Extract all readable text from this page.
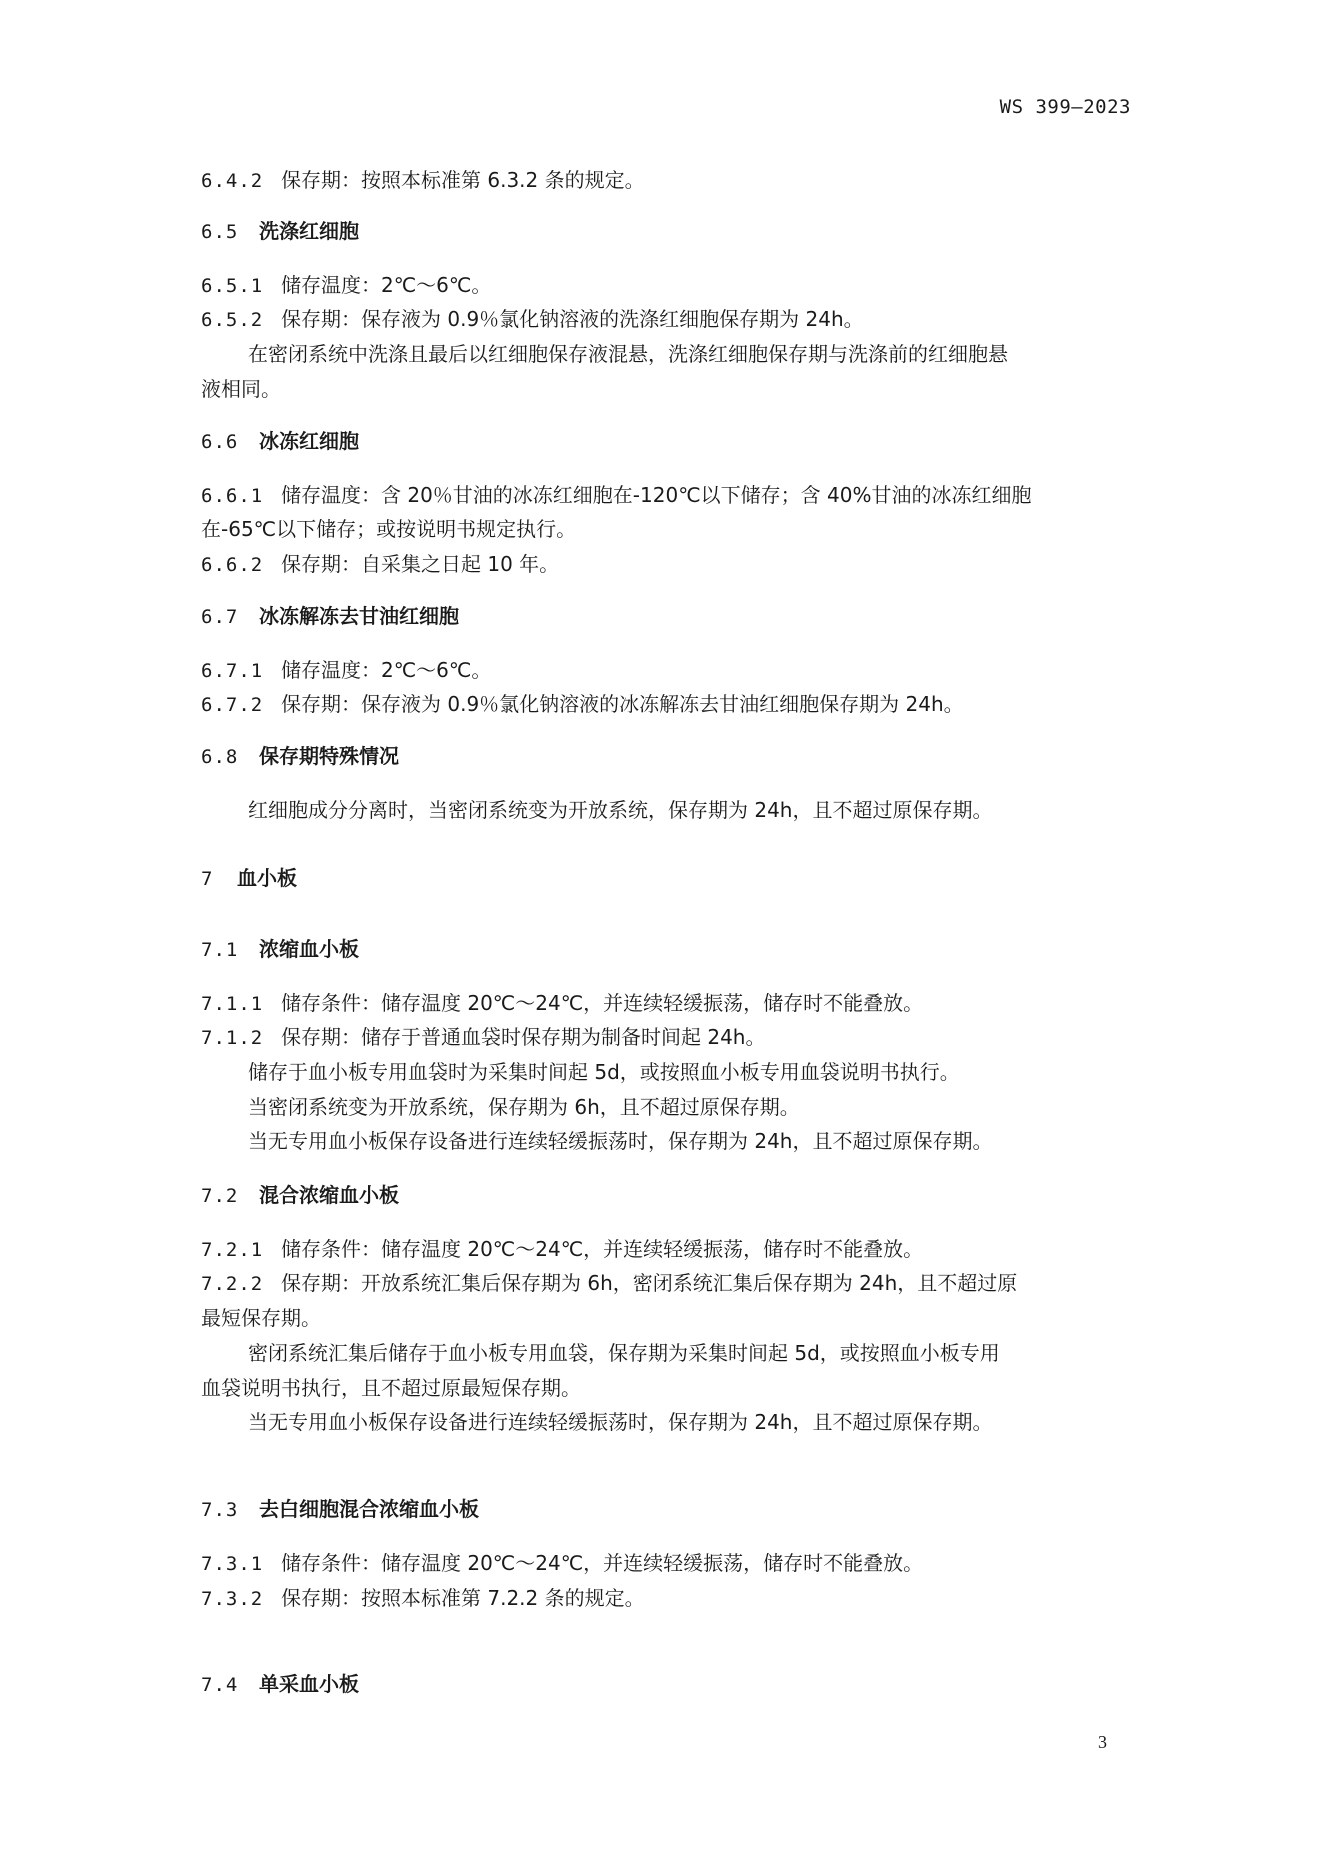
WS 399—2023
6.4.2 保存期：按照本标准第 6.3.2 条的规定。
6.5 洗涤红细胞
6.5.1 储存温度：2℃～6℃。
6.5.2 保存期：保存液为 0.9％氯化钠溶液的洗涤红细胞保存期为 24h。
在密闭系统中洗涤且最后以红细胞保存液混悬，洗涤红细胞保存期与洗涤前的红细胞悬
液相同。
6.6 冰冻红细胞
6.6.1 储存温度：含 20％甘油的冰冻红细胞在-120℃以下储存；含 40%甘油的冰冻红细胞
在-65℃以下储存；或按说明书规定执行。
6.6.2 保存期：自采集之日起 10 年。
6.7 冰冻解冻去甘油红细胞
6.7.1 储存温度：2℃～6℃。
6.7.2 保存期：保存液为 0.9％氯化钠溶液的冰冻解冻去甘油红细胞保存期为 24h。
6.8 保存期特殊情况
红细胞成分分离时，当密闭系统变为开放系统，保存期为 24h，且不超过原保存期。
7 血小板
7.1 浓缩血小板
7.1.1 储存条件：储存温度 20℃～24℃，并连续轻缓振荡，储存时不能叠放。
7.1.2 保存期：储存于普通血袋时保存期为制备时间起 24h。
储存于血小板专用血袋时为采集时间起 5d，或按照血小板专用血袋说明书执行。
当密闭系统变为开放系统，保存期为 6h，且不超过原保存期。
当无专用血小板保存设备进行连续轻缓振荡时，保存期为 24h，且不超过原保存期。
7.2 混合浓缩血小板
7.2.1 储存条件：储存温度 20℃～24℃，并连续轻缓振荡，储存时不能叠放。
7.2.2 保存期：开放系统汇集后保存期为 6h，密闭系统汇集后保存期为 24h，且不超过原
最短保存期。
密闭系统汇集后储存于血小板专用血袋，保存期为采集时间起 5d，或按照血小板专用
血袋说明书执行，且不超过原最短保存期。
当无专用血小板保存设备进行连续轻缓振荡时，保存期为 24h，且不超过原保存期。
7.3 去白细胞混合浓缩血小板
7.3.1 储存条件：储存温度 20℃～24℃，并连续轻缓振荡，储存时不能叠放。
7.3.2 保存期：按照本标准第 7.2.2 条的规定。
7.4 单采血小板
3
